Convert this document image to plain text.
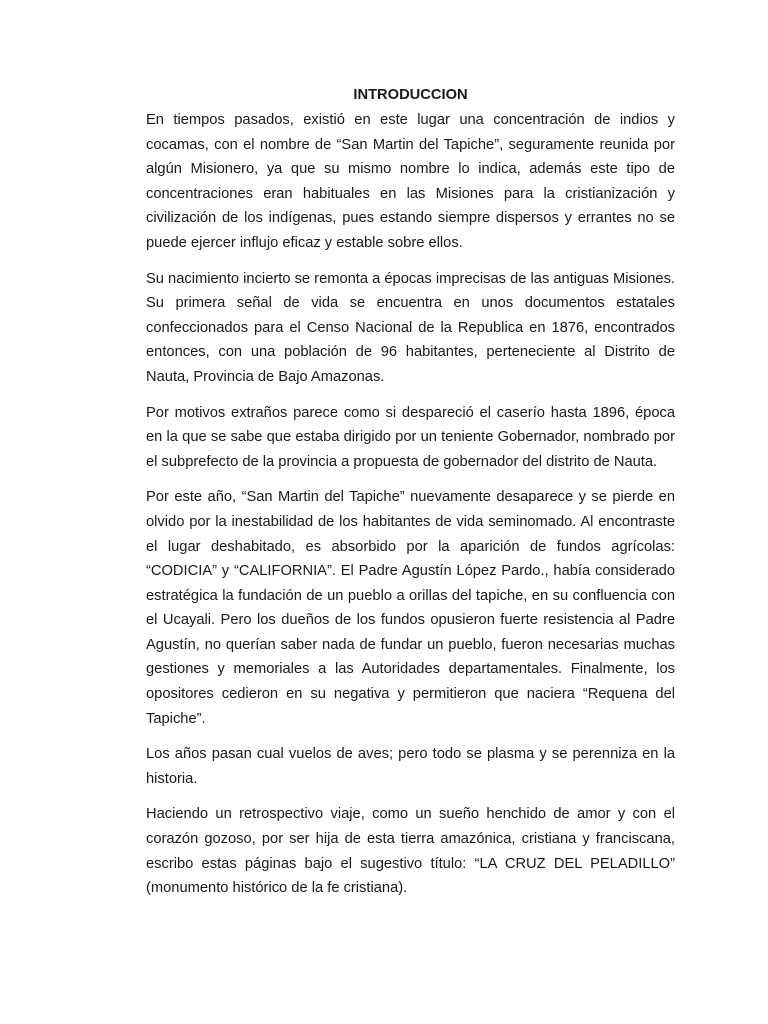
INTRODUCCION

En tiempos pasados, existió en este lugar una concentración de indios y cocamas, con el nombre de “San Martin del Tapiche”, seguramente reunida por algún Misionero, ya que su mismo nombre lo indica, además este tipo de concentraciones eran habituales en las Misiones para la cristianización y civilización de los indígenas, pues estando siempre dispersos y errantes no se puede ejercer influjo eficaz y estable sobre ellos.

Su nacimiento incierto se remonta a épocas imprecisas de las antiguas Misiones. Su primera señal de vida se encuentra en unos documentos estatales confeccionados para el Censo Nacional de la Republica en 1876, encontrados entonces, con una población de 96 habitantes, perteneciente al Distrito de Nauta, Provincia de Bajo Amazonas.

Por motivos extraños parece como si despareció el caserío hasta 1896, época en la que se sabe que estaba dirigido por un teniente Gobernador, nombrado por el subprefecto de la provincia a propuesta de gobernador del distrito de Nauta.

Por este año, “San Martin del Tapiche” nuevamente desaparece y se pierde en olvido por la inestabilidad de los habitantes de vida seminomado. Al encontraste el lugar deshabitado, es absorbido por la aparición de fundos agrícolas: “CODICIA” y “CALIFORNIA”. El Padre Agustín López Pardo., había considerado estratégica la fundación de un pueblo a orillas del tapiche, en su confluencia con el Ucayali. Pero los dueños de los fundos opusieron fuerte resistencia al Padre Agustín, no querían saber nada de fundar un pueblo, fueron necesarias muchas gestiones y memoriales a las Autoridades departamentales. Finalmente, los opositores cedieron en su negativa y permitieron que naciera “Requena del Tapiche”.

Los años pasan cual vuelos de aves; pero todo se plasma y se perenniza en la historia.

Haciendo un retrospectivo viaje, como un sueño henchido de amor y con el corazón gozoso, por ser hija de esta tierra amazónica, cristiana y franciscana, escribo estas páginas bajo el sugestivo título: “LA CRUZ DEL PELADILLO” (monumento histórico de la fe cristiana).
